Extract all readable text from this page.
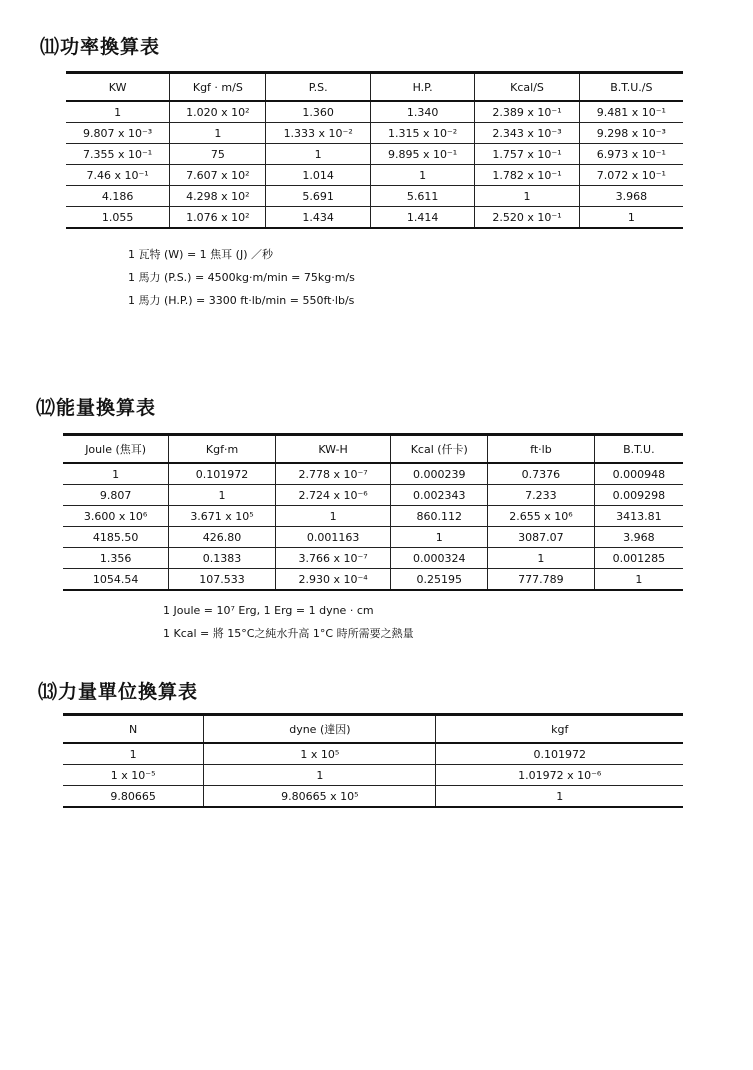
⑾功率換算表
KW	Kgf · m/S	P.S.	H.P.	Kcal/S	B.T.U./S
1	1.020 x 10²	1.360	1.340	2.389 x 10⁻¹	9.481 x 10⁻¹
9.807 x 10⁻³	1	1.333 x 10⁻²	1.315 x 10⁻²	2.343 x 10⁻³	9.298 x 10⁻³
7.355 x 10⁻¹	75	1	9.895 x 10⁻¹	1.757 x 10⁻¹	6.973 x 10⁻¹
7.46 x 10⁻¹	7.607 x 10²	1.014	1	1.782 x 10⁻¹	7.072 x 10⁻¹
4.186	4.298 x 10²	5.691	5.611	1	3.968
1.055	1.076 x 10²	1.434	1.414	2.520 x 10⁻¹	1
1 瓦特 (W) = 1 焦耳 (J) ／秒
1 馬力 (P.S.) = 4500kg·m/min = 75kg·m/s
1 馬力 (H.P.) = 3300 ft·lb/min = 550ft·lb/s
⑿能量換算表
Joule (焦耳)	Kgf·m	KW-H	Kcal (仟卡)	ft·lb	B.T.U.
1	0.101972	2.778 x 10⁻⁷	0.000239	0.7376	0.000948
9.807	1	2.724 x 10⁻⁶	0.002343	7.233	0.009298
3.600 x 10⁶	3.671 x 10⁵	1	860.112	2.655 x 10⁶	3413.81
4185.50	426.80	0.001163	1	3087.07	3.968
1.356	0.1383	3.766 x 10⁻⁷	0.000324	1	0.001285
1054.54	107.533	2.930 x 10⁻⁴	0.25195	777.789	1
1 Joule = 10⁷ Erg, 1 Erg = 1 dyne · cm
1 Kcal = 將 15°C之純水升高 1°C 時所需要之熱量
⒀力量單位換算表
N	dyne (達因)	kgf
1	1 x 10⁵	0.101972
1 x 10⁻⁵	1	1.01972 x 10⁻⁶
9.80665	9.80665 x 10⁵	1
